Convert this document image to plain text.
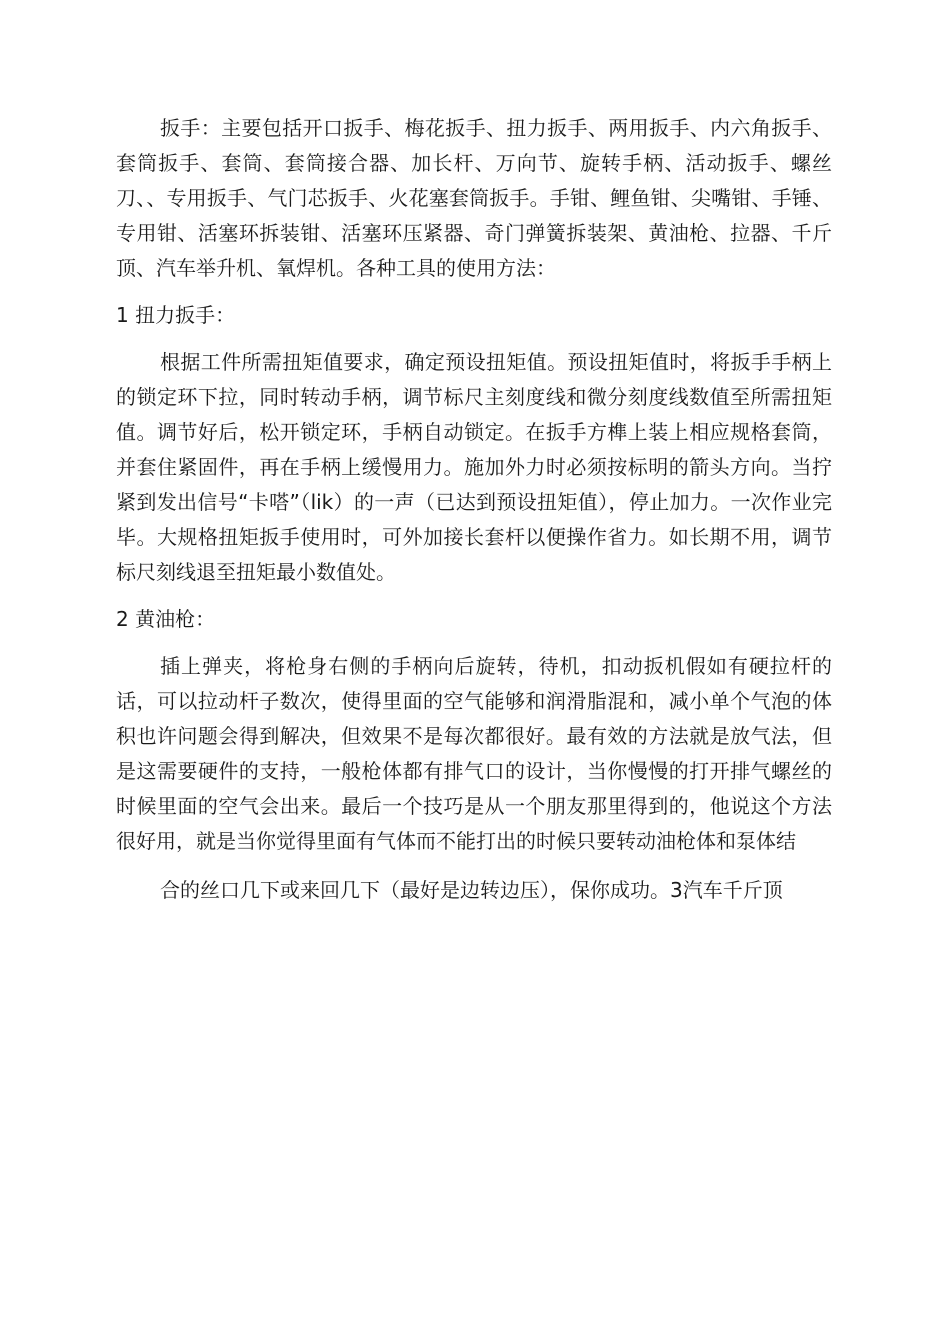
扳手：主要包括开口扳手、梅花扳手、扭力扳手、两用扳手、内六角扳手、套筒扳手、套筒、套筒接合器、加长杆、万向节、旋转手柄、活动扳手、螺丝刀、、专用扳手、气门芯扳手、火花塞套筒扳手。手钳、鲤鱼钳、尖嘴钳、手锤、专用钳、活塞环拆装钳、活塞环压紧器、奇门弹簧拆装架、黄油枪、拉器、千斤顶、汽车举升机、氧焊机。各种工具的使用方法：

1 扭力扳手：

根据工件所需扭矩值要求，确定预设扭矩值。预设扭矩值时，将扳手手柄上的锁定环下拉，同时转动手柄，调节标尺主刻度线和微分刻度线数值至所需扭矩值。调节好后，松开锁定环，手柄自动锁定。在扳手方榫上装上相应规格套筒，并套住紧固件，再在手柄上缓慢用力。施加外力时必须按标明的箭头方向。当拧紧到发出信号“卡嗒”（lik）的一声（已达到预设扭矩值），停止加力。一次作业完毕。大规格扭矩扳手使用时，可外加接长套杆以便操作省力。如长期不用，调节标尺刻线退至扭矩最小数值处。

2 黄油枪：

插上弹夹，将枪身右侧的手柄向后旋转，待机，扣动扳机假如有硬拉杆的话，可以拉动杆子数次，使得里面的空气能够和润滑脂混和，减小单个气泡的体积也许问题会得到解决，但效果不是每次都很好。最有效的方法就是放气法，但是这需要硬件的支持，一般枪体都有排气口的设计，当你慢慢的打开排气螺丝的时候里面的空气会出来。最后一个技巧是从一个朋友那里得到的，他说这个方法很好用，就是当你觉得里面有气体而不能打出的时候只要转动油枪体和泵体结

合的丝口几下或来回几下（最好是边转边压），保你成功。3汽车千斤顶
